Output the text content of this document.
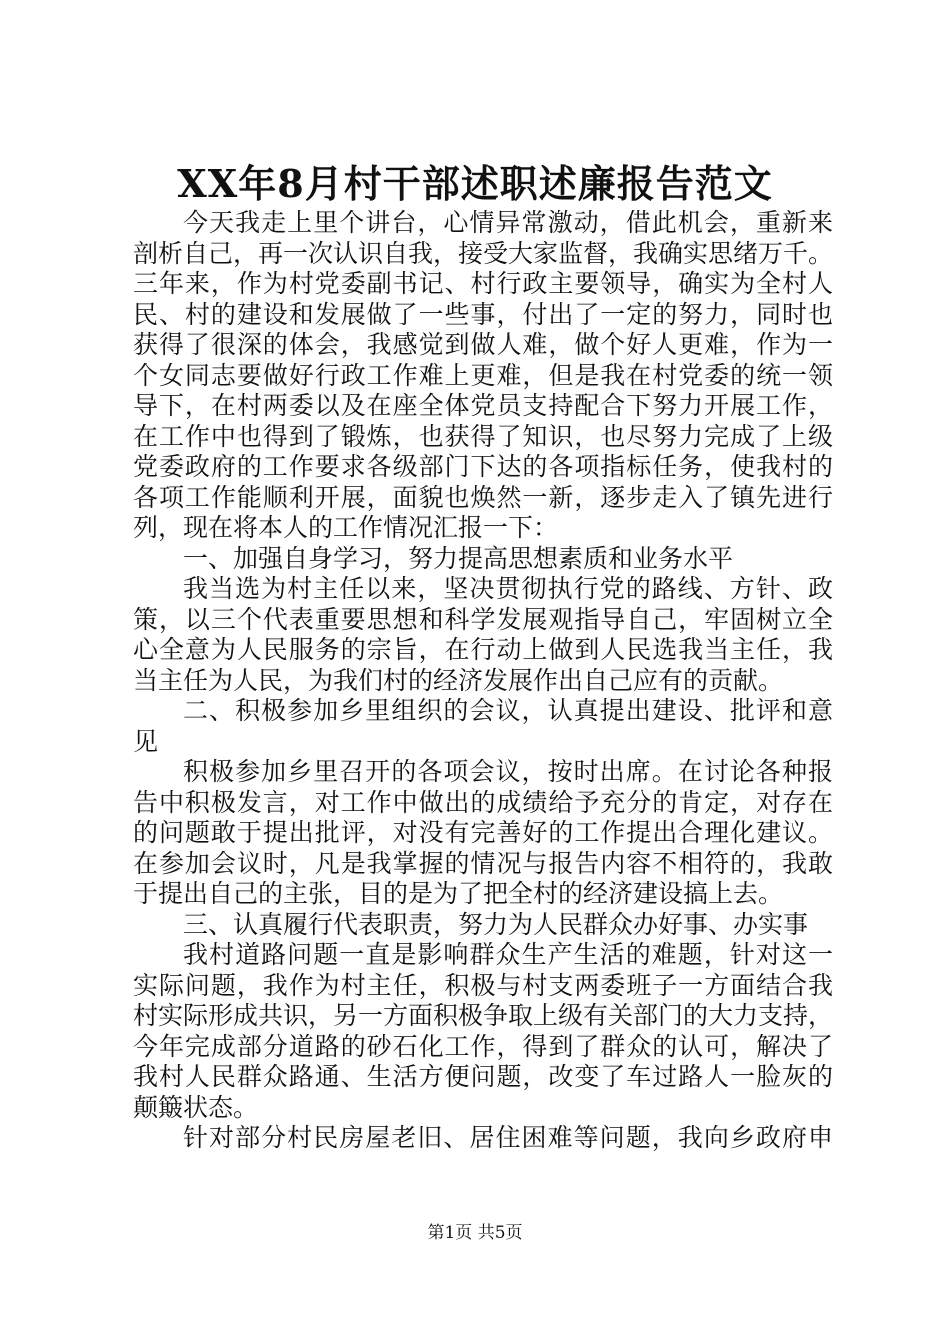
XX年8月村干部述职述廉报告范文
今天我走上里个讲台，心情异常激动，借此机会，重新来
剖析自己，再一次认识自我，接受大家监督，我确实思绪万千。
三年来，作为村党委副书记、村行政主要领导，确实为全村人
民、村的建设和发展做了一些事，付出了一定的努力，同时也
获得了很深的体会，我感觉到做人难，做个好人更难，作为一
个女同志要做好行政工作难上更难，但是我在村党委的统一领
导下，在村两委以及在座全体党员支持配合下努力开展工作，
在工作中也得到了锻炼，也获得了知识，也尽努力完成了上级
党委政府的工作要求各级部门下达的各项指标任务，使我村的
各项工作能顺利开展，面貌也焕然一新，逐步走入了镇先进行
列，现在将本人的工作情况汇报一下：
一、加强自身学习，努力提高思想素质和业务水平
我当选为村主任以来，坚决贯彻执行党的路线、方针、政
策，以三个代表重要思想和科学发展观指导自己，牢固树立全
心全意为人民服务的宗旨，在行动上做到人民选我当主任，我
当主任为人民，为我们村的经济发展作出自己应有的贡献。
二、积极参加乡里组织的会议，认真提出建设、批评和意
见
积极参加乡里召开的各项会议，按时出席。在讨论各种报
告中积极发言，对工作中做出的成绩给予充分的肯定，对存在
的问题敢于提出批评，对没有完善好的工作提出合理化建议。
在参加会议时，凡是我掌握的情况与报告内容不相符的，我敢
于提出自己的主张，目的是为了把全村的经济建设搞上去。
三、认真履行代表职责，努力为人民群众办好事、办实事
我村道路问题一直是影响群众生产生活的难题，针对这一
实际问题，我作为村主任，积极与村支两委班子一方面结合我
村实际形成共识，另一方面积极争取上级有关部门的大力支持，
今年完成部分道路的砂石化工作，得到了群众的认可，解决了
我村人民群众路通、生活方便问题，改变了车过路人一脸灰的
颠簸状态。
针对部分村民房屋老旧、居住困难等问题，我向乡政府申
第1页 共5页
